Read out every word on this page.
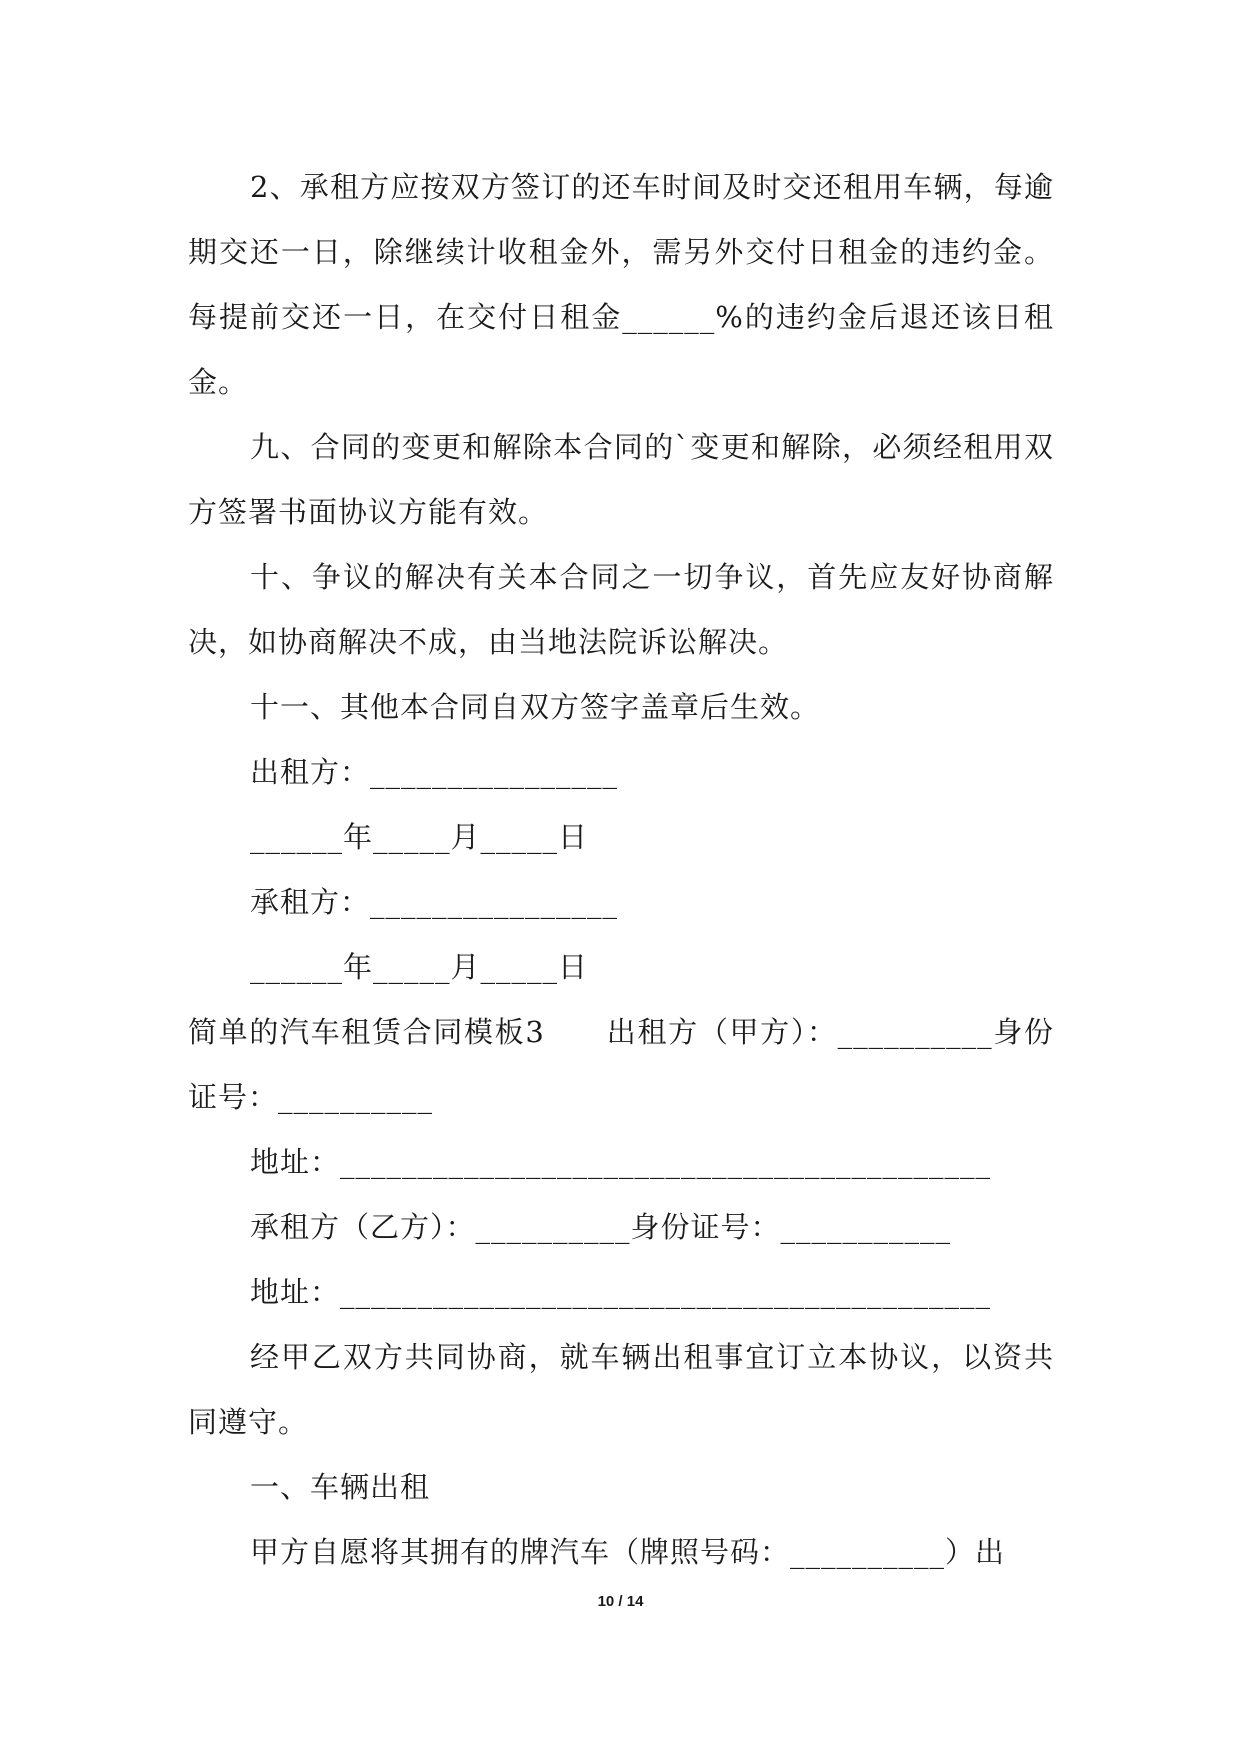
2、承租方应按双方签订的还车时间及时交还租用车辆，每逾期交还一日，除继续计收租金外，需另外交付日租金的违约金。每提前交还一日，在交付日租金______%的违约金后退还该日租金。

九、合同的变更和解除本合同的`变更和解除，必须经租用双方签署书面协议方能有效。

十、争议的解决有关本合同之一切争议，首先应友好协商解决，如协商解决不成，由当地法院诉讼解决。

十一、其他本合同自双方签字盖章后生效。

出租方：________________

______年_____月_____日

承租方：________________

______年_____月_____日

简单的汽车租赁合同模板3　　出租方（甲方）：__________身份证号：__________

地址：__________________________________________

承租方（乙方）：__________身份证号：___________

地址：__________________________________________

经甲乙双方共同协商，就车辆出租事宜订立本协议，以资共同遵守。

一、车辆出租

甲方自愿将其拥有的牌汽车（牌照号码：__________）出

10 / 14
